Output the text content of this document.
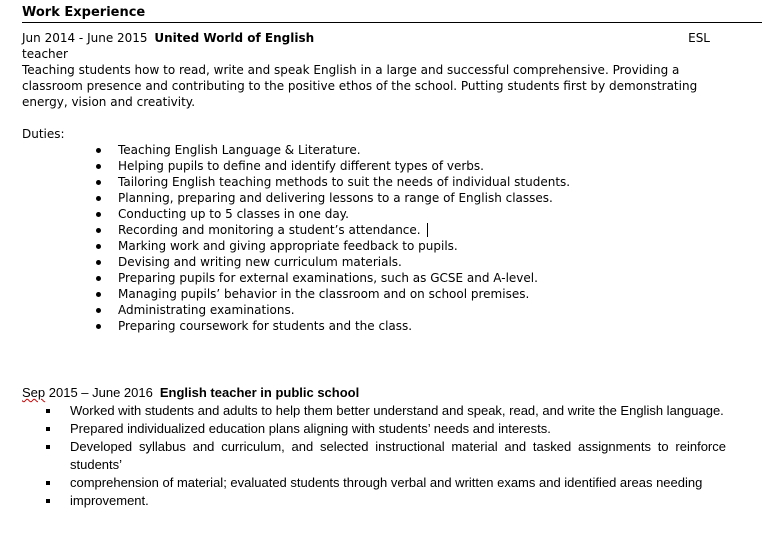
Work Experience
Jun 2014 - June 2015 United World of English	ESL
teacher
Teaching students how to read, write and speak English in a large and successful comprehensive. Providing a classroom presence and contributing to the positive ethos of the school. Putting students first by demonstrating energy, vision and creativity.
Duties:
Teaching English Language & Literature.
Helping pupils to define and identify different types of verbs.
Tailoring English teaching methods to suit the needs of individual students.
Planning, preparing and delivering lessons to a range of English classes.
Conducting up to 5 classes in one day.
Recording and monitoring a student’s attendance.
Marking work and giving appropriate feedback to pupils.
Devising and writing new curriculum materials.
Preparing pupils for external examinations, such as GCSE and A-level.
Managing pupils’ behavior in the classroom and on school premises.
Administrating examinations.
Preparing coursework for students and the class.
Sep 2015 – June 2016 English teacher in public school
Worked with students and adults to help them better understand and speak, read, and write the English language.
Prepared individualized education plans aligning with students’ needs and interests.
Developed syllabus and curriculum, and selected instructional material and tasked assignments to reinforce students’
comprehension of material; evaluated students through verbal and written exams and identified areas needing
improvement.
